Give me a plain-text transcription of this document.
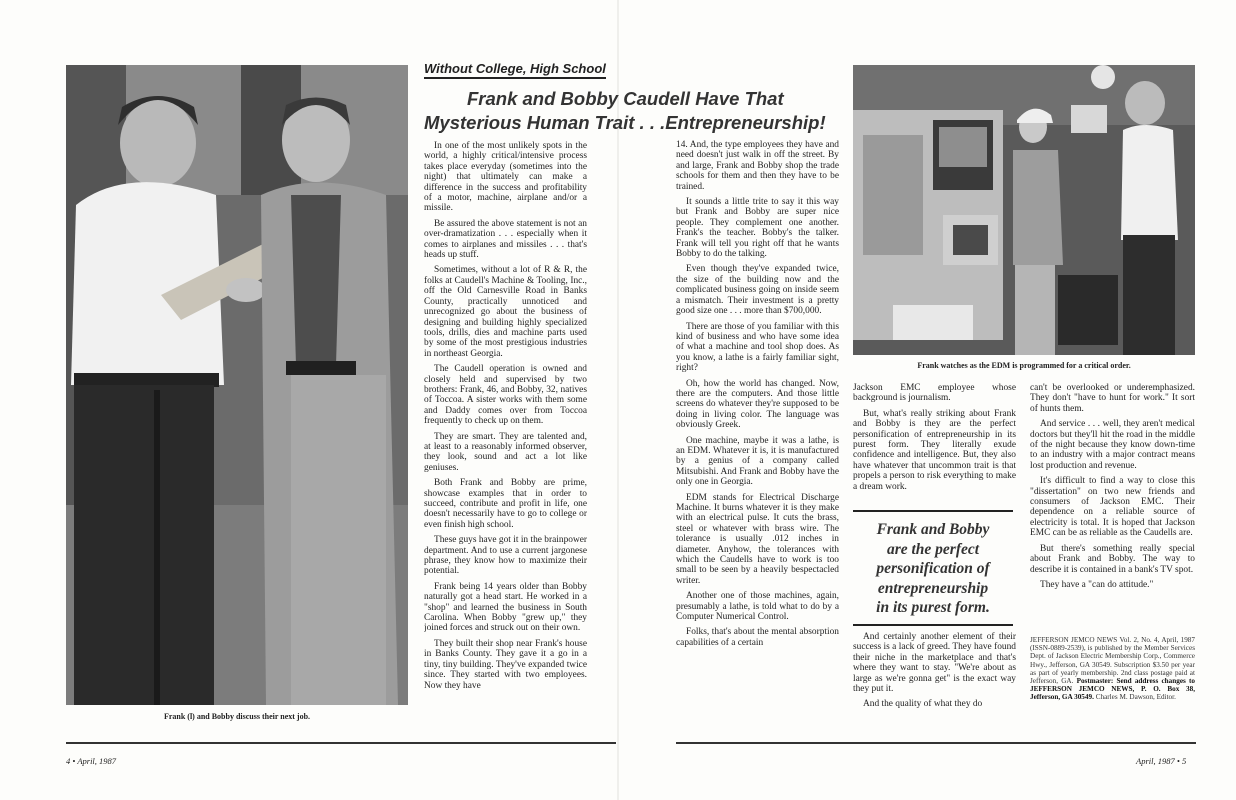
Frank (l) and Bobby discuss their next job.
Without College, High School
Frank and Bobby Caudell Have That
Mysterious Human Trait . . .Entrepreneurship!

In one of the most unlikely spots in the world, a highly critical/intensive process takes place everyday (sometimes into the night) that ultimately can make a difference in the success and profitability of a motor, machine, airplane and/or a missile.

Be assured the above statement is not an over-dramatization . . . especially when it comes to airplanes and missiles . . . that's heads up stuff.

Sometimes, without a lot of R & R, the folks at Caudell's Machine & Tooling, Inc., off the Old Carnesville Road in Banks County, practically unnoticed and unrecognized go about the business of designing and building highly specialized tools, drills, dies and machine parts used by some of the most prestigious industries in northeast Georgia.

The Caudell operation is owned and closely held and supervised by two brothers: Frank, 46, and Bobby, 32, natives of Toccoa. A sister works with them some and Daddy comes over from Toccoa frequently to check up on them.

They are smart. They are talented and, at least to a reasonably informed observer, they look, sound and act a lot like geniuses.

Both Frank and Bobby are prime, showcase examples that in order to succeed, contribute and profit in life, one doesn't necessarily have to go to college or even finish high school.

These guys have got it in the brainpower department. And to use a current jargonese phrase, they know how to maximize their potential.

Frank being 14 years older than Bobby naturally got a head start. He worked in a "shop" and learned the business in South Carolina. When Bobby "grew up," they joined forces and struck out on their own.

They built their shop near Frank's house in Banks County. They gave it a go in a tiny, tiny building. They've expanded twice since. They started with two employees. Now they have

14. And, the type employees they have and need doesn't just walk in off the street. By and large, Frank and Bobby shop the trade schools for them and then they have to be trained.

It sounds a little trite to say it this way but Frank and Bobby are super nice people. They complement one another. Frank's the teacher. Bobby's the talker. Frank will tell you right off that he wants Bobby to do the talking.

Even though they've expanded twice, the size of the building now and the complicated business going on inside seem a mismatch. Their investment is a pretty good size one . . . more than $700,000.

There are those of you familiar with this kind of business and who have some idea of what a machine and tool shop does. As you know, a lathe is a fairly familiar sight, right?

Oh, how the world has changed. Now, there are the computers. And those little screens do whatever they're supposed to be doing in living color. The language was obviously Greek.

One machine, maybe it was a lathe, is an EDM. Whatever it is, it is manufactured by a genius of a company called Mitsubishi. And Frank and Bobby have the only one in Georgia.

EDM stands for Electrical Discharge Machine. It burns whatever it is they make with an electrical pulse. It cuts the brass, steel or whatever with brass wire. The tolerance is usually .012 inches in diameter. Anyhow, the tolerances with which the Caudells have to work is too small to be seen by a heavily bespectacled writer.

Another one of those machines, again, presumably a lathe, is told what to do by a Computer Numerical Control.

Folks, that's about the mental absorption capabilities of a certain

Frank watches as the EDM is programmed for a critical order.

Jackson EMC employee whose background is journalism.

But, what's really striking about Frank and Bobby is they are the perfect personification of entrepreneurship in its purest form. They literally exude confidence and intelligence. But, they also have whatever that uncommon trait is that propels a person to risk everything to make a dream work.

Frank and Bobby
are the perfect
personification of
entrepreneurship
in its purest form.

And certainly another element of their success is a lack of greed. They have found their niche in the marketplace and that's where they want to stay. "We're about as large as we're gonna get" is the exact way they put it.

And the quality of what they do

can't be overlooked or underemphasized. They don't "have to hunt for work." It sort of hunts them.

And service . . . well, they aren't medical doctors but they'll hit the road in the middle of the night because they know down-time to an industry with a major contract means lost production and revenue.

It's difficult to find a way to close this "dissertation" on two new friends and consumers of Jackson EMC. Their dependence on a reliable source of electricity is total. It is hoped that Jackson EMC can be as reliable as the Caudells are.

But there's something really special about Frank and Bobby. The way to describe it is contained in a bank's TV spot.

They have a "can do attitude."

JEFFERSON JEMCO NEWS Vol. 2, No. 4, April, 1987 (ISSN-0889-2539), is published by the Member Services Dept. of Jackson Electric Membership Corp., Commerce Hwy., Jefferson, GA 30549. Subscription $3.50 per year as part of yearly membership. 2nd class postage paid at Jefferson, GA. Postmaster: Send address changes to JEFFERSON JEMCO NEWS, P. O. Box 38, Jefferson, GA 30549. Charles M. Dawson, Editor.
4 • April, 1987	April, 1987 • 5
